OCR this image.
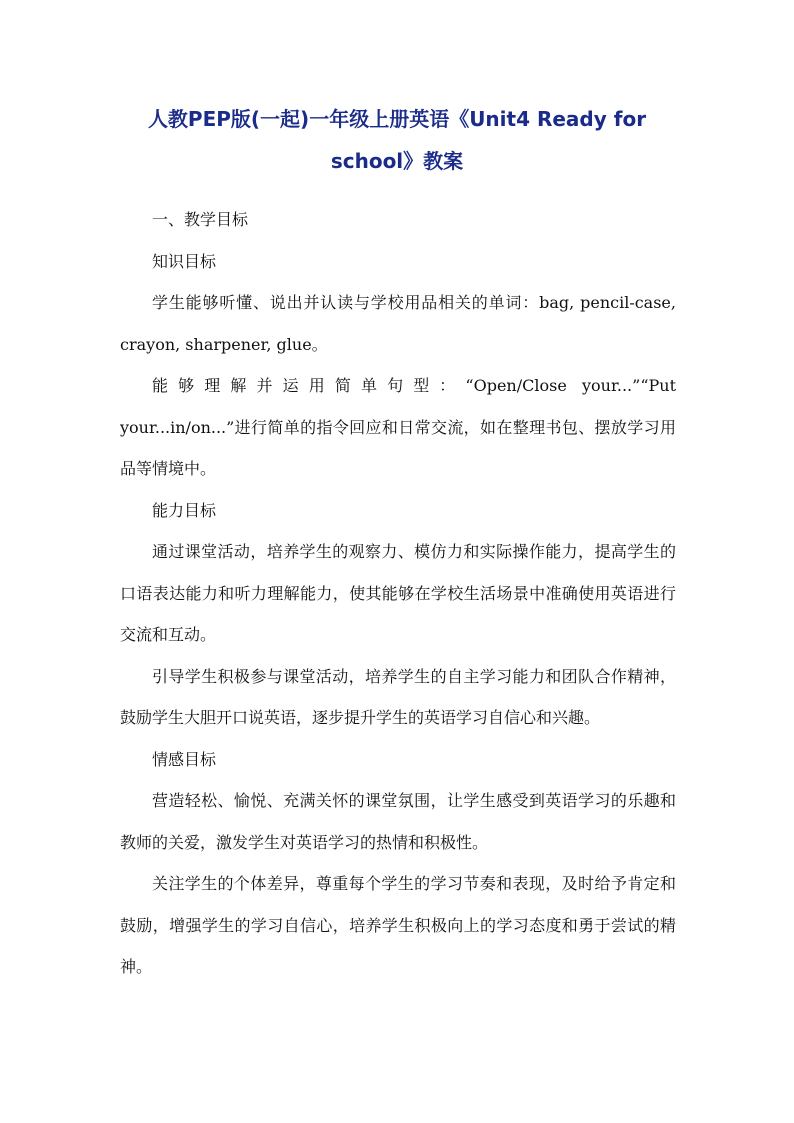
人教PEP版(一起)一年级上册英语《Unit4 Ready for school》教案

一、教学目标

知识目标

学生能够听懂、说出并认读与学校用品相关的单词：bag, pencil-case, crayon, sharpener, glue。

能够理解并运用简单句型：“Open/Close your...”“Put your...in/on...”进行简单的指令回应和日常交流，如在整理书包、摆放学习用品等情境中。

能力目标

通过课堂活动，培养学生的观察力、模仿力和实际操作能力，提高学生的口语表达能力和听力理解能力，使其能够在学校生活场景中准确使用英语进行交流和互动。

引导学生积极参与课堂活动，培养学生的自主学习能力和团队合作精神，鼓励学生大胆开口说英语，逐步提升学生的英语学习自信心和兴趣。

情感目标

营造轻松、愉悦、充满关怀的课堂氛围，让学生感受到英语学习的乐趣和教师的关爱，激发学生对英语学习的热情和积极性。

关注学生的个体差异，尊重每个学生的学习节奏和表现，及时给予肯定和鼓励，增强学生的学习自信心，培养学生积极向上的学习态度和勇于尝试的精神。
